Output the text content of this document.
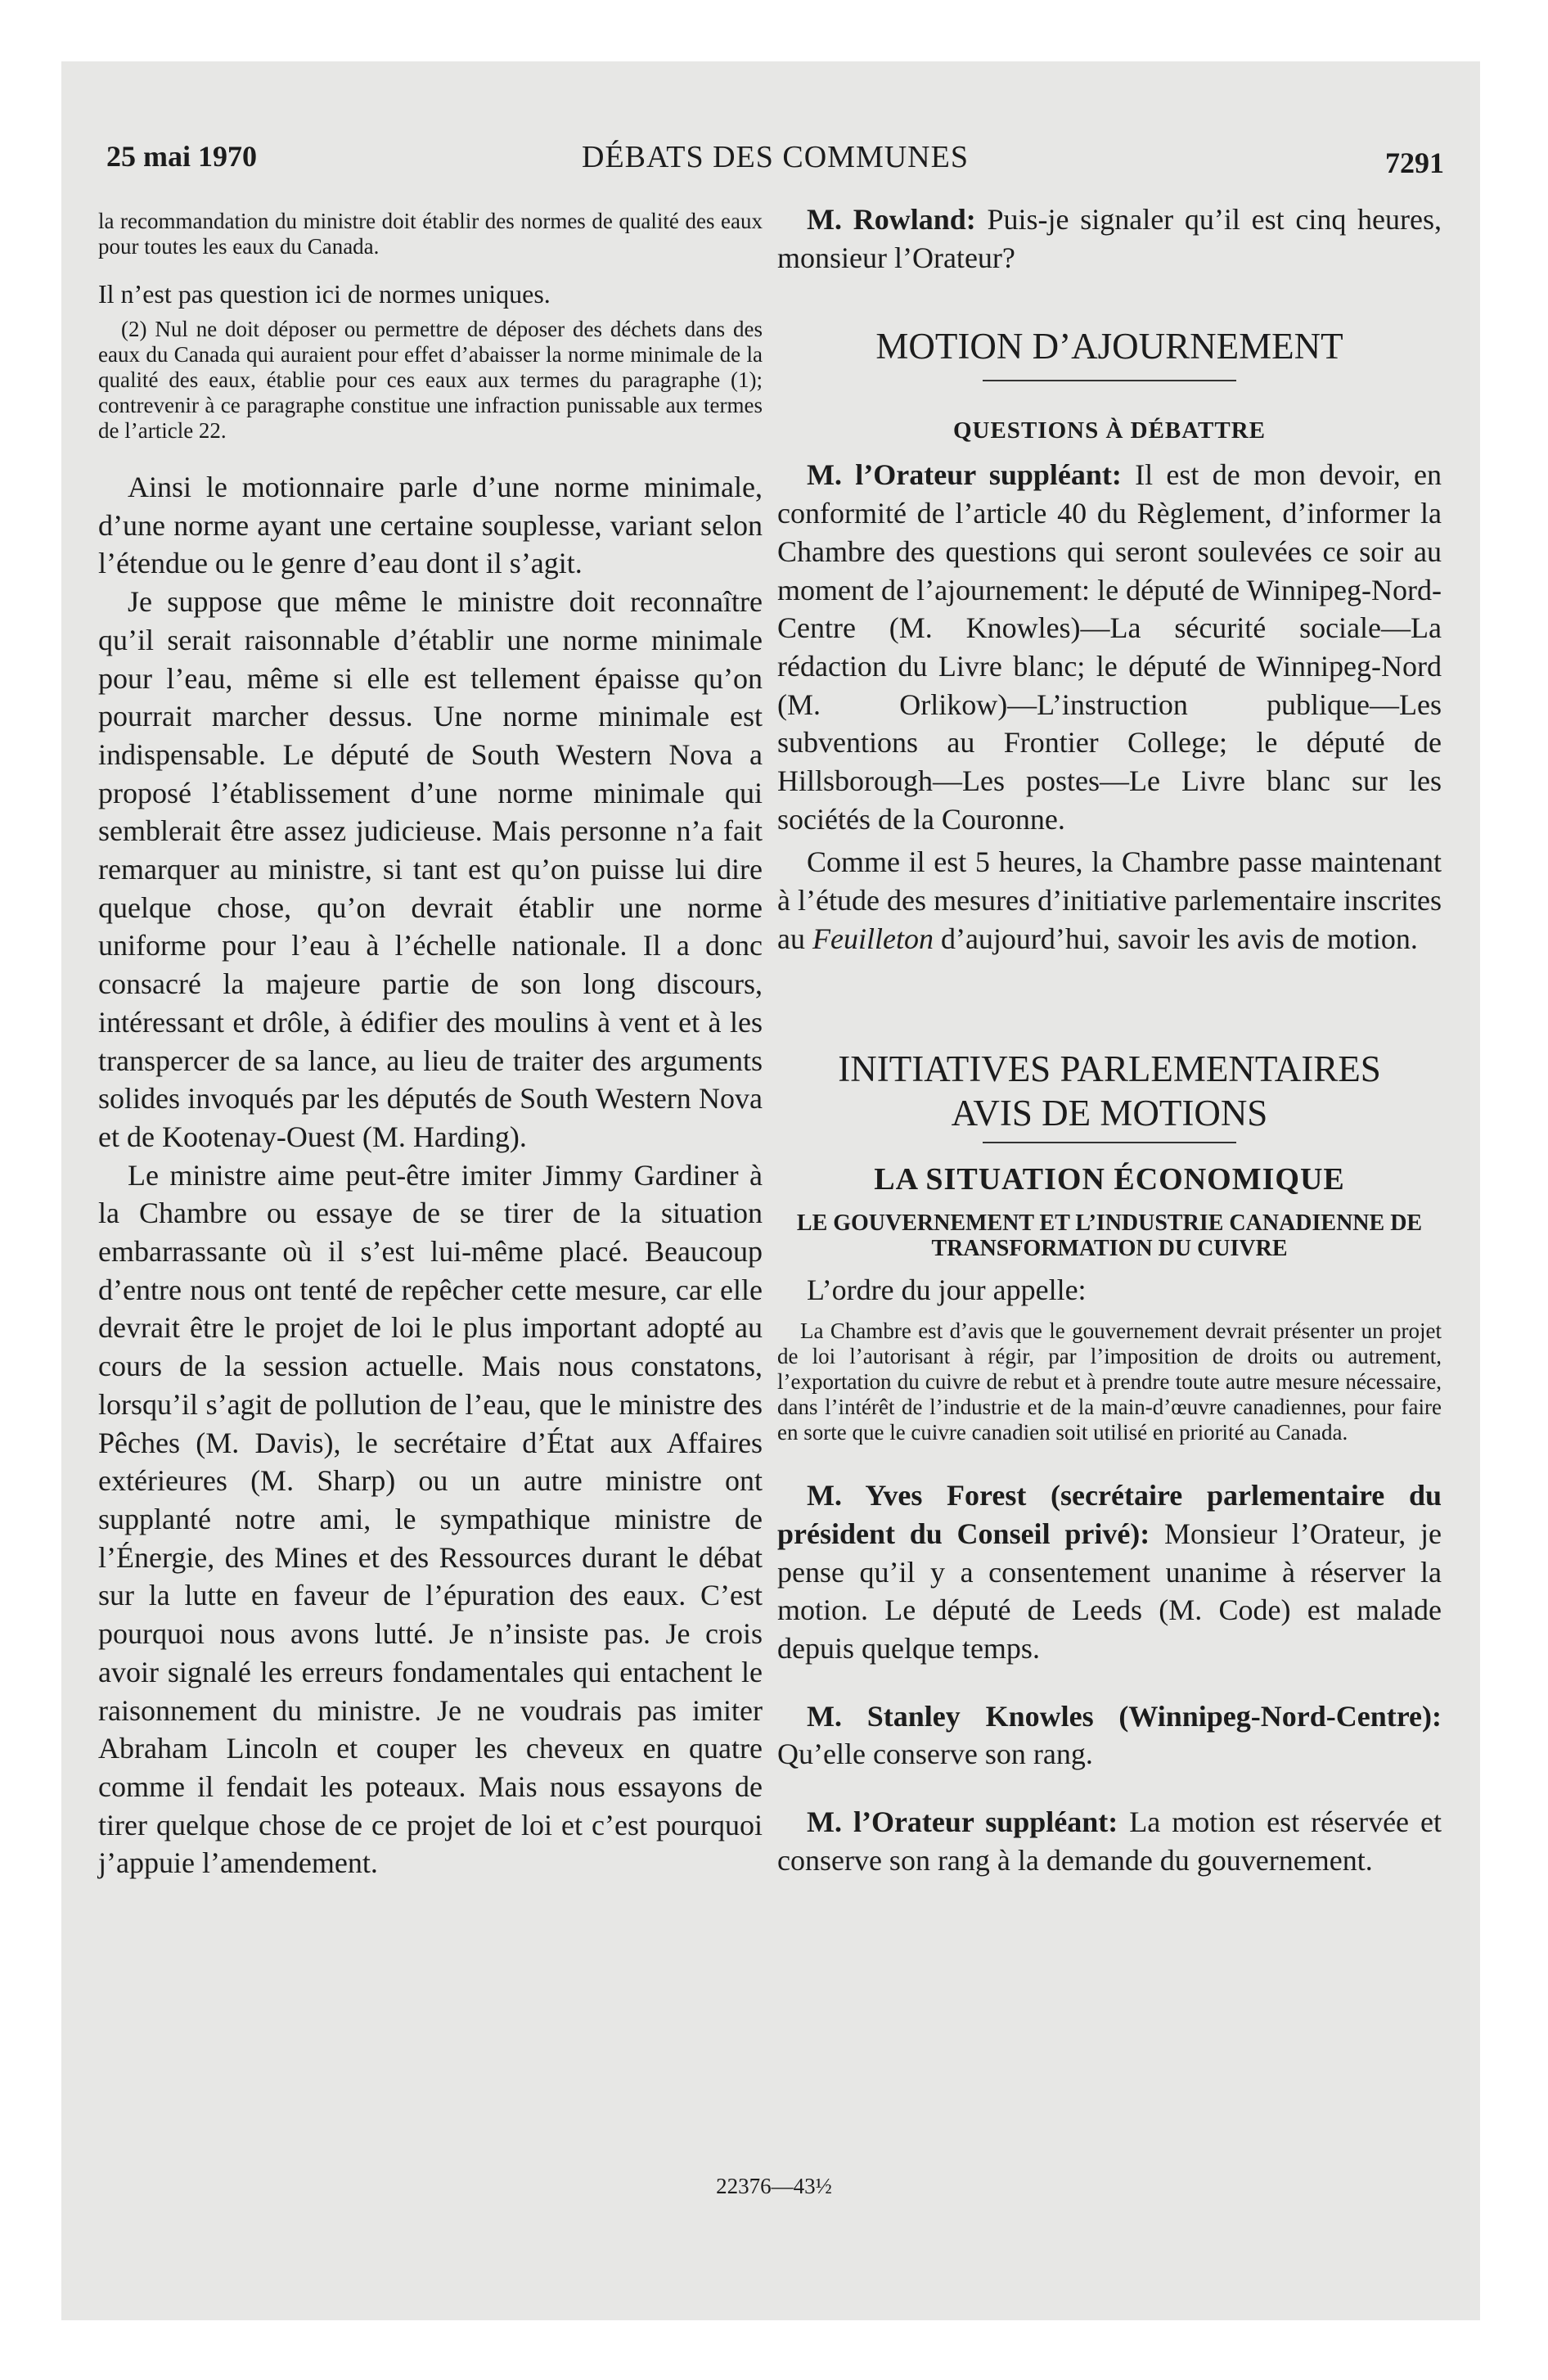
25 mai 1970	DÉBATS DES COMMUNES	7291

la recommandation du ministre doit établir des normes de qualité des eaux pour toutes les eaux du Canada.

Il n’est pas question ici de normes uniques.

(2) Nul ne doit déposer ou permettre de déposer des déchets dans des eaux du Canada qui auraient pour effet d’abaisser la norme minimale de la qualité des eaux, établie pour ces eaux aux termes du paragraphe (1); contrevenir à ce paragraphe constitue une infraction punissable aux termes de l’article 22.

Ainsi le motionnaire parle d’une norme minimale, d’une norme ayant une certaine souplesse, variant selon l’étendue ou le genre d’eau dont il s’agit.

Je suppose que même le ministre doit reconnaître qu’il serait raisonnable d’établir une norme minimale pour l’eau, même si elle est tellement épaisse qu’on pourrait marcher dessus. Une norme minimale est indispensable. Le député de South Western Nova a proposé l’établissement d’une norme minimale qui semblerait être assez judicieuse. Mais personne n’a fait remarquer au ministre, si tant est qu’on puisse lui dire quelque chose, qu’on devrait établir une norme uniforme pour l’eau à l’échelle nationale. Il a donc consacré la majeure partie de son long discours, intéressant et drôle, à édifier des moulins à vent et à les transpercer de sa lance, au lieu de traiter des arguments solides invoqués par les députés de South Western Nova et de Kootenay-Ouest (M. Harding).

Le ministre aime peut-être imiter Jimmy Gardiner à la Chambre ou essaye de se tirer de la situation embarrassante où il s’est lui-même placé. Beaucoup d’entre nous ont tenté de repêcher cette mesure, car elle devrait être le projet de loi le plus important adopté au cours de la session actuelle. Mais nous constatons, lorsqu’il s’agit de pollution de l’eau, que le ministre des Pêches (M. Davis), le secrétaire d’État aux Affaires extérieures (M. Sharp) ou un autre ministre ont supplanté notre ami, le sympathique ministre de l’Énergie, des Mines et des Ressources durant le débat sur la lutte en faveur de l’épuration des eaux. C’est pourquoi nous avons lutté. Je n’insiste pas. Je crois avoir signalé les erreurs fondamentales qui entachent le raisonnement du ministre. Je ne voudrais pas imiter Abraham Lincoln et couper les cheveux en quatre comme il fendait les poteaux. Mais nous essayons de tirer quelque chose de ce projet de loi et c’est pourquoi j’appuie l’amendement.

M. Rowland: Puis-je signaler qu’il est cinq heures, monsieur l’Orateur?

MOTION D’AJOURNEMENT
QUESTIONS À DÉBATTRE

M. l’Orateur suppléant: Il est de mon devoir, en conformité de l’article 40 du Règlement, d’informer la Chambre des questions qui seront soulevées ce soir au moment de l’ajournement: le député de Winnipeg-Nord-Centre (M. Knowles)—La sécurité sociale—La rédaction du Livre blanc; le député de Winnipeg-Nord (M. Orlikow)—L’instruction publique—Les subventions au Frontier College; le député de Hillsborough—Les postes—Le Livre blanc sur les sociétés de la Couronne.

Comme il est 5 heures, la Chambre passe maintenant à l’étude des mesures d’initiative parlementaire inscrites au Feuilleton d’aujourd’hui, savoir les avis de motion.

INITIATIVES PARLEMENTAIRES
AVIS DE MOTIONS
LA SITUATION ÉCONOMIQUE
LE GOUVERNEMENT ET L’INDUSTRIE CANADIENNE DE TRANSFORMATION DU CUIVRE

L’ordre du jour appelle:

La Chambre est d’avis que le gouvernement devrait présenter un projet de loi l’autorisant à régir, par l’imposition de droits ou autrement, l’exportation du cuivre de rebut et à prendre toute autre mesure nécessaire, dans l’intérêt de l’industrie et de la main-d’œuvre canadiennes, pour faire en sorte que le cuivre canadien soit utilisé en priorité au Canada.

M. Yves Forest (secrétaire parlementaire du président du Conseil privé): Monsieur l’Orateur, je pense qu’il y a consentement unanime à réserver la motion. Le député de Leeds (M. Code) est malade depuis quelque temps.

M. Stanley Knowles (Winnipeg-Nord-Centre): Qu’elle conserve son rang.

M. l’Orateur suppléant: La motion est réservée et conserve son rang à la demande du gouvernement.

22376—43½
